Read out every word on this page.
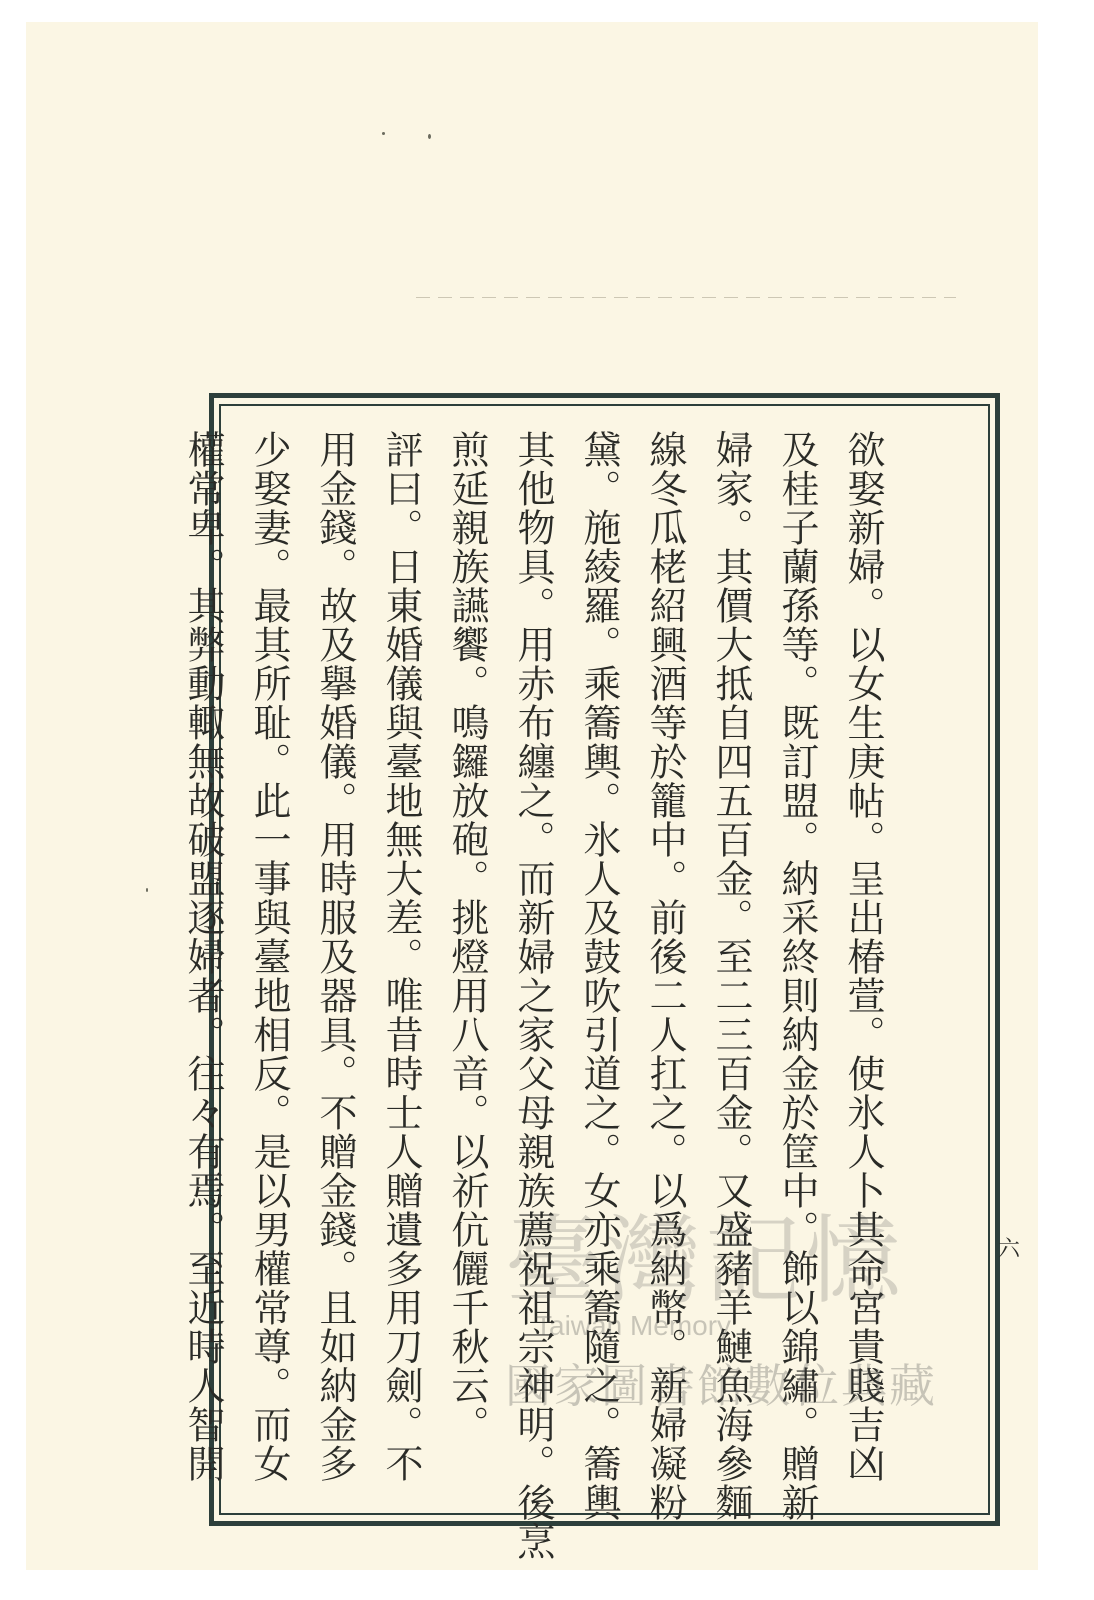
欲娶新婦。以女生庚帖。呈出椿萱。使氷人卜其命宮貴賤吉凶
及桂子蘭孫等。既訂盟。納采終則納金於筐中。飾以錦繡。贈新
婦家。其價大抵自四五百金。至二三百金。又盛豬羊鰱魚海參麵
線冬瓜栳紹興酒等於籠中。前後二人扛之。以爲納幣。新婦凝粉
黛。施綾羅。乘簥輿。氷人及鼓吹引道之。女亦乘簥隨之。簥輿
其他物具。用赤布纏之。而新婦之家父母親族薦祝祖宗神明。後烹
煎延親族讌饗。鳴鑼放砲。挑燈用八音。以祈伉儷千秋云。
評曰。日東婚儀與臺地無大差。唯昔時士人贈遺多用刀劍。不
用金錢。故及擧婚儀。用時服及器具。不贈金錢。且如納金多
少娶妻。最其所耻。此一事與臺地相反。是以男權常尊。而女
權常卑。其弊動輙無故破盟逐婦者。往々有焉。至近時人智開	六
臺灣記憶
Taiwan Memory
國家圖書館數位典藏
